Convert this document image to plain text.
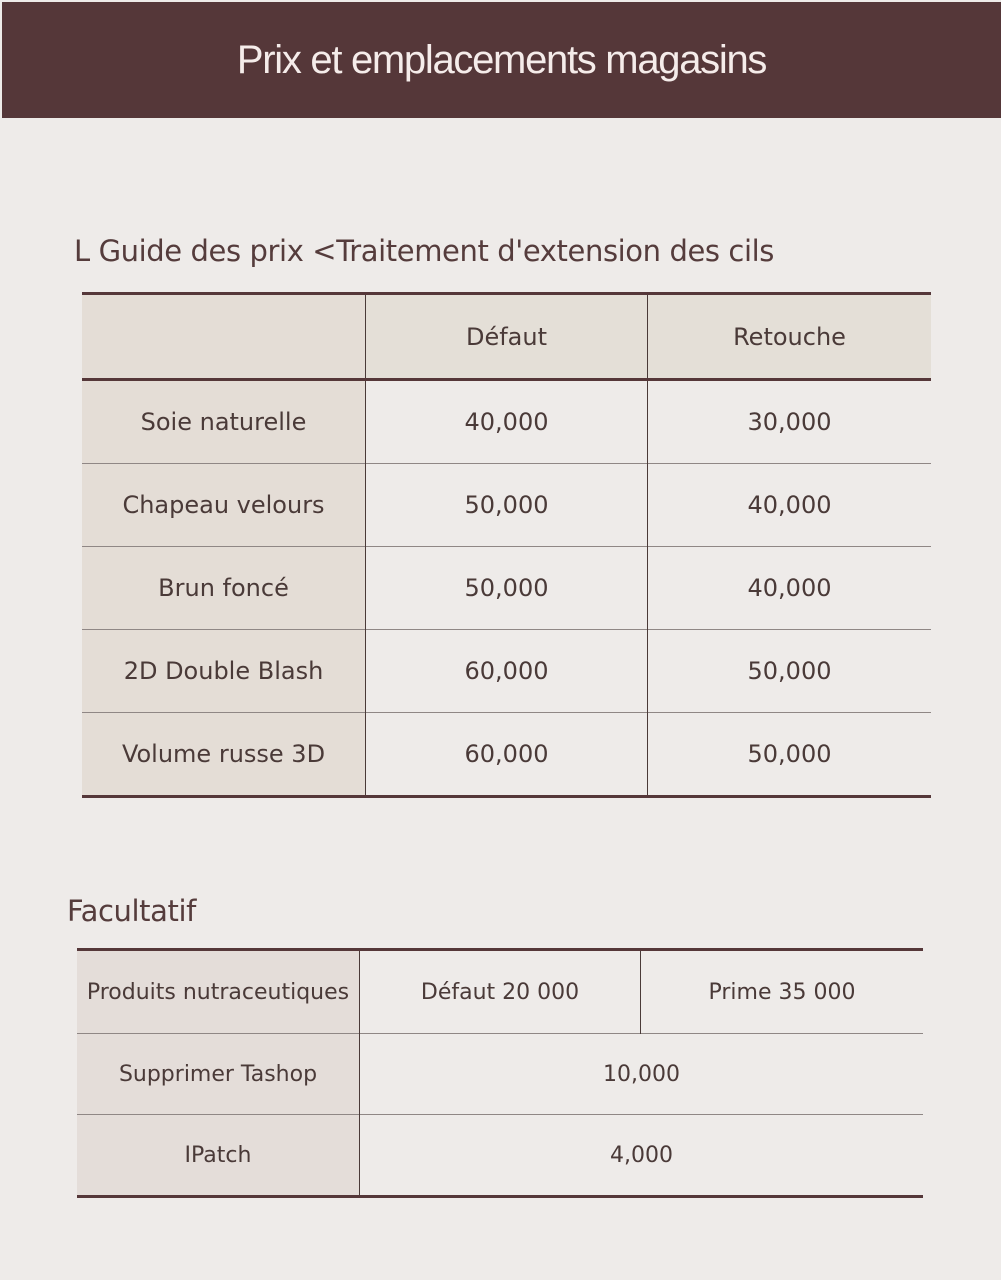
Prix et emplacements magasins
L Guide des prix <Traitement d'extension des cils
	Défaut	Retouche
Soie naturelle	40,000	30,000
Chapeau velours	50,000	40,000
Brun foncé	50,000	40,000
2D Double Blash	60,000	50,000
Volume russe 3D	60,000	50,000
Facultatif
Produits nutraceutiques	Défaut 20 000	Prime 35 000
Supprimer Tashop	10,000	
IPatch	4,000	
